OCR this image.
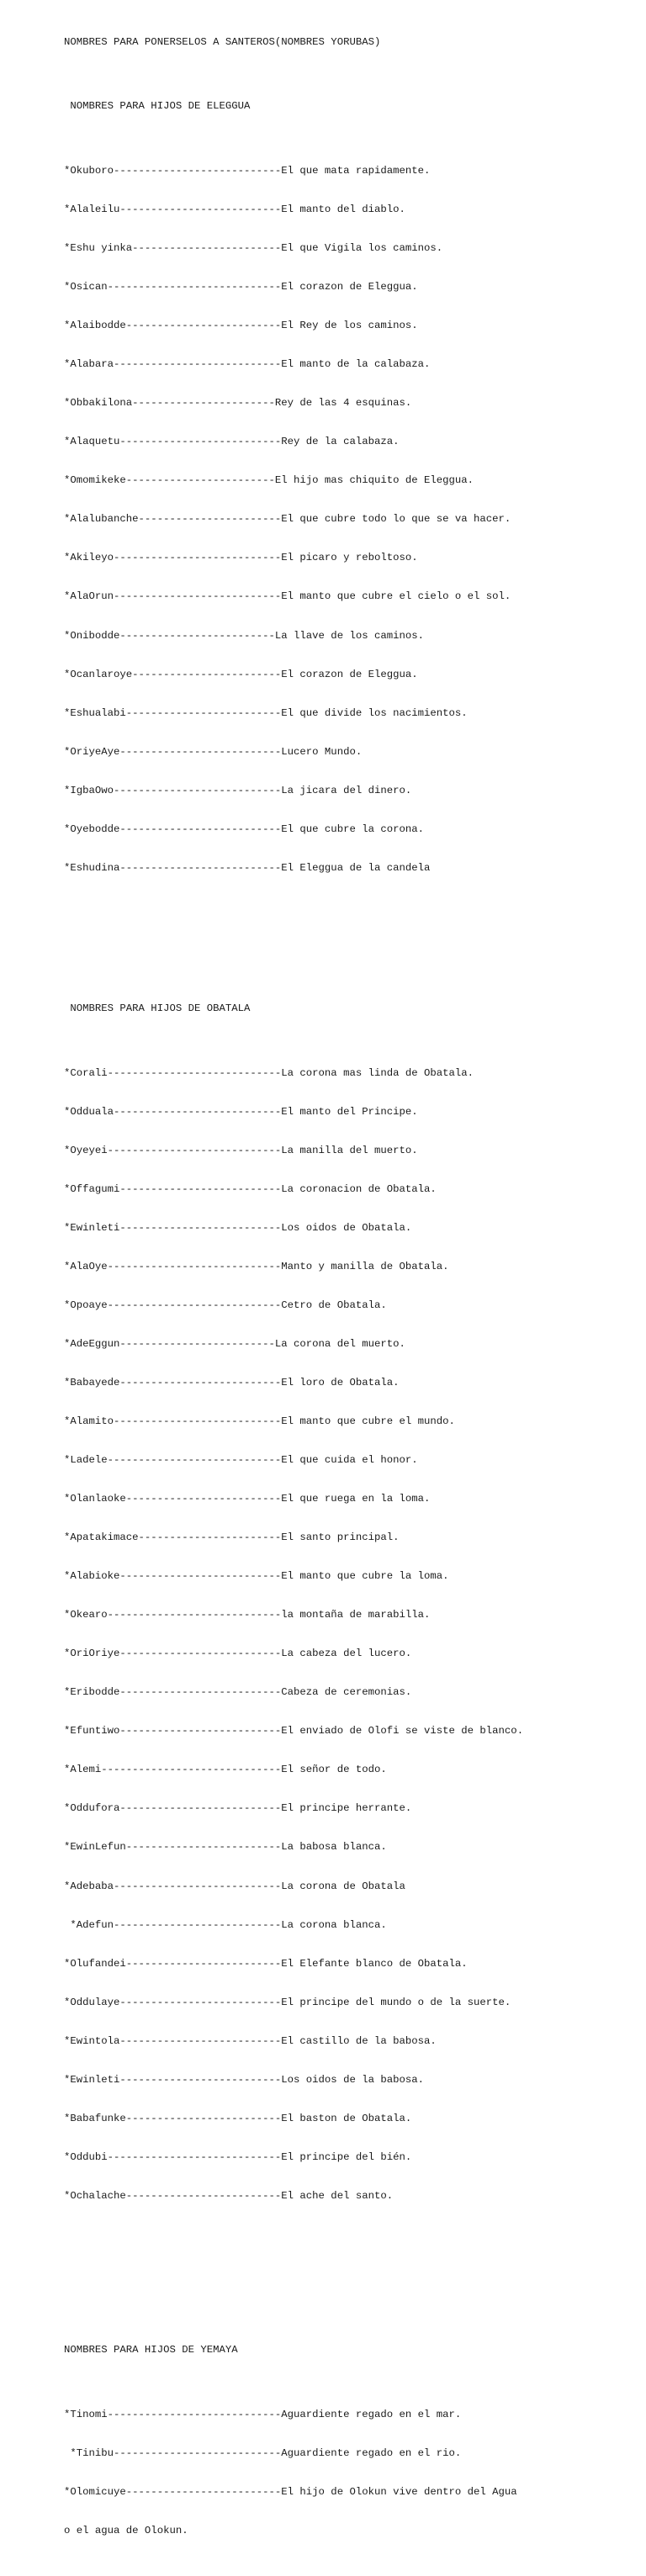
NOMBRES PARA PONERSELOS A SANTEROS(NOMBRES YORUBAS)

NOMBRES PARA HIJOS DE ELEGGUA

*Okuboro---------------------------El que mata rapidamente.

*Alaleilu--------------------------El manto del diablo.

*Eshu yinka------------------------El que Vigila los caminos.

*Osican----------------------------El corazon de Eleggua.

*Alaibodde-------------------------El Rey de los caminos.

*Alabara---------------------------El manto de la calabaza.

*Obbakilona-----------------------Rey de las 4 esquinas.

*Alaquetu--------------------------Rey de la calabaza.

*Omomikeke------------------------El hijo mas chiquito de Eleggua.

*Alalubanche-----------------------El que cubre todo lo que se va hacer.

*Akileyo---------------------------El picaro y reboltoso.

*AlaOrun---------------------------El manto que cubre el cielo o el sol.

*Onibodde-------------------------La llave de los caminos.

*Ocanlaroye------------------------El corazon de Eleggua.

*Eshualabi-------------------------El que divide los nacimientos.

*OriyeAye--------------------------Lucero Mundo.

*IgbaOwo---------------------------La jicara del dinero.

*Oyebodde--------------------------El que cubre la corona.

*Eshudina--------------------------El Eleggua de la candela

NOMBRES PARA HIJOS DE OBATALA

*Corali----------------------------La corona mas linda de Obatala.

*Odduala---------------------------El manto del Principe.

*Oyeyei----------------------------La manilla del muerto.

*Offagumi--------------------------La coronacion de Obatala.

*Ewinleti--------------------------Los oidos de Obatala.

*AlaOye----------------------------Manto y manilla de Obatala.

*Opoaye----------------------------Cetro de Obatala.

*AdeEggun-------------------------La corona del muerto.

*Babayede--------------------------El loro de Obatala.

*Alamito---------------------------El manto que cubre el mundo.

*Ladele----------------------------El que cuida el honor.

*Olanlaoke-------------------------El que ruega en la loma.

*Apatakimace-----------------------El santo principal.

*Alabioke--------------------------El manto que cubre la loma.

*Okearo----------------------------la montaña de marabilla.

*OriOriye--------------------------La cabeza del lucero.

*Eribodde--------------------------Cabeza de ceremonias.

*Efuntiwo--------------------------El enviado de Olofi se viste de blanco.

*Alemi-----------------------------El señor de todo.

*Oddufora--------------------------El principe herrante.

*EwinLefun-------------------------La babosa blanca.

*Adebaba---------------------------La corona de Obatala

*Adefun---------------------------La corona blanca.

*Olufandei-------------------------El Elefante blanco de Obatala.

*Oddulaye--------------------------El principe del mundo o de la suerte.

*Ewintola--------------------------El castillo de la babosa.

*Ewinleti--------------------------Los oidos de la babosa.

*Babafunke-------------------------El baston de Obatala.

*Oddubi----------------------------El principe del bién.

*Ochalache-------------------------El ache del santo.

NOMBRES PARA HIJOS DE YEMAYA

*Tinomi----------------------------Aguardiente regado en el mar.

*Tinibu---------------------------Aguardiente regado en el rio.

*Olomicuye-------------------------El hijo de Olokun vive dentro del Agua

o el agua de Olokun.
